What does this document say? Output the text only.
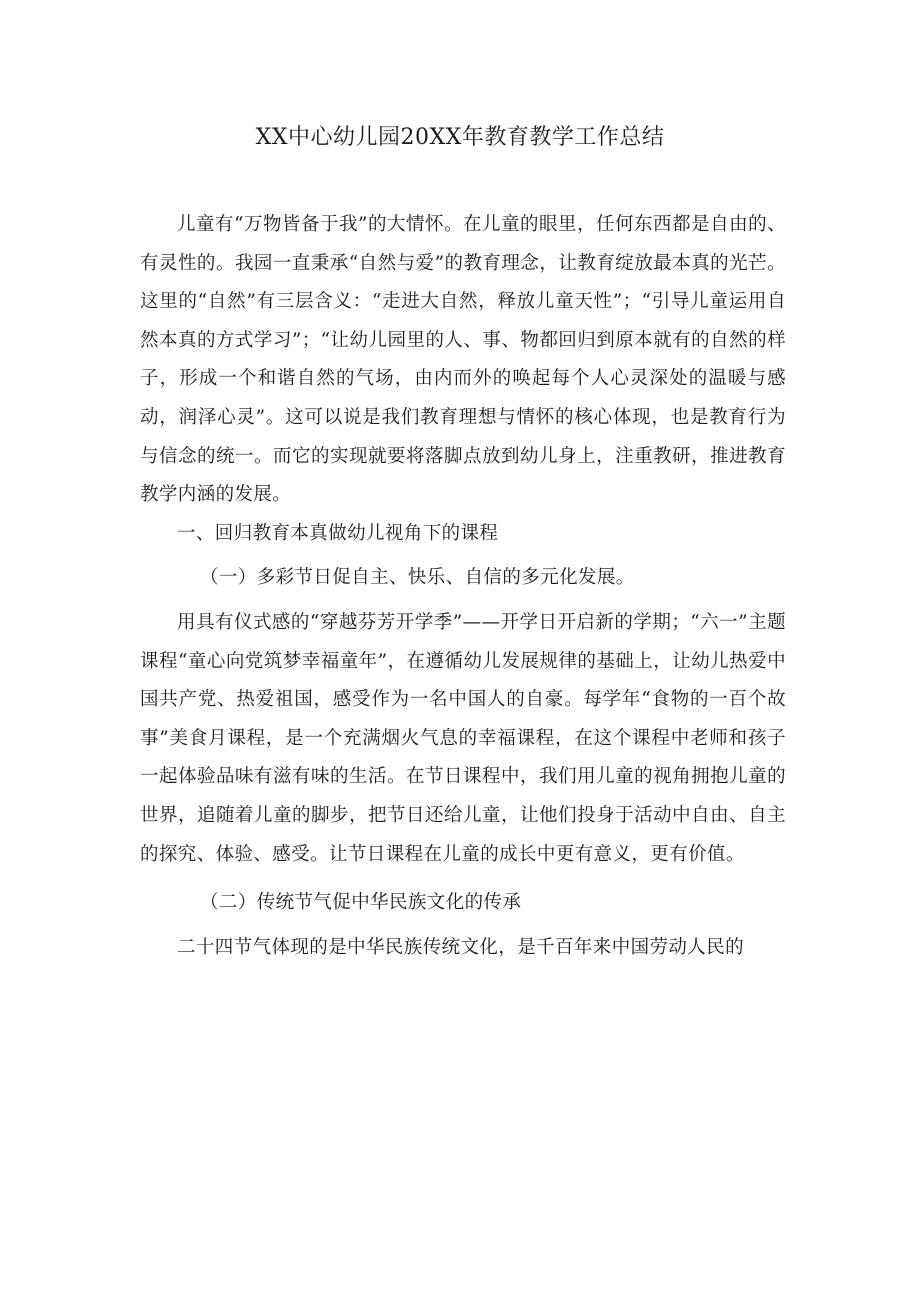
XX中心幼儿园20XX年教育教学工作总结

儿童有“万物皆备于我”的大情怀。在儿童的眼里，任何东西都是自由的、有灵性的。我园一直秉承“自然与爱”的教育理念，让教育绽放最本真的光芒。这里的“自然”有三层含义：“走进大自然，释放儿童天性”；“引导儿童运用自然本真的方式学习”；“让幼儿园里的人、事、物都回归到原本就有的自然的样子，形成一个和谐自然的气场，由内而外的唤起每个人心灵深处的温暖与感动，润泽心灵”。这可以说是我们教育理想与情怀的核心体现，也是教育行为与信念的统一。而它的实现就要将落脚点放到幼儿身上，注重教研，推进教育教学内涵的发展。

一、回归教育本真做幼儿视角下的课程

（一）多彩节日促自主、快乐、自信的多元化发展。

用具有仪式感的“穿越芬芳开学季”——开学日开启新的学期；“六一”主题课程“童心向党筑梦幸福童年”，在遵循幼儿发展规律的基础上，让幼儿热爱中国共产党、热爱祖国，感受作为一名中国人的自豪。每学年“食物的一百个故事”美食月课程，是一个充满烟火气息的幸福课程，在这个课程中老师和孩子一起体验品味有滋有味的生活。在节日课程中，我们用儿童的视角拥抱儿童的世界，追随着儿童的脚步，把节日还给儿童，让他们投身于活动中自由、自主的探究、体验、感受。让节日课程在儿童的成长中更有意义，更有价值。

（二）传统节气促中华民族文化的传承

二十四节气体现的是中华民族传统文化，是千百年来中国劳动人民的
